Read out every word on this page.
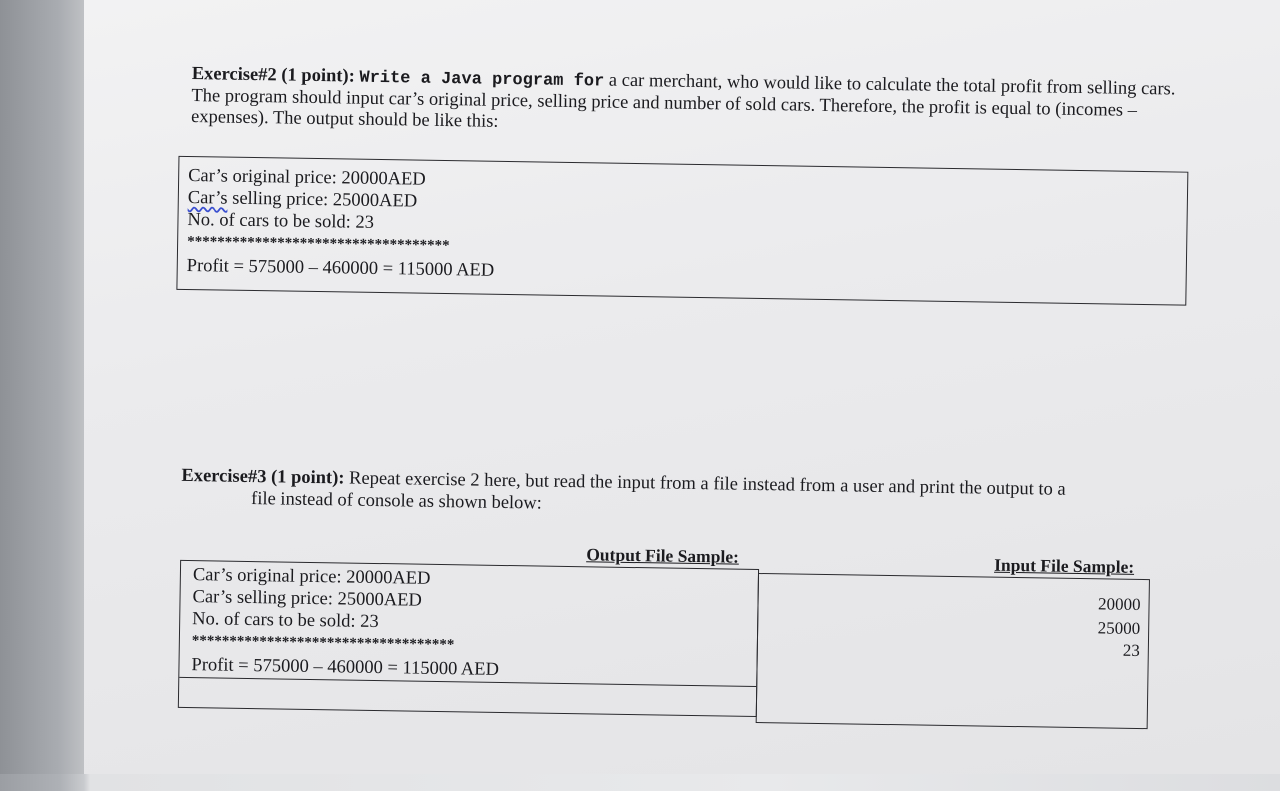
Exercise#2 (1 point): Write a Java program for a car merchant, who would like to calculate the total profit from selling cars. The program should input car’s original price, selling price and number of sold cars. Therefore, the profit is equal to (incomes – expenses). The output should be like this:
Car’s original price: 20000AED
Car’s selling price: 25000AED
No. of cars to be sold: 23
***********************************
Profit = 575000 – 460000 = 115000 AED
Exercise#3 (1 point): Repeat exercise 2 here, but read the input from a file instead from a user and print the output to a
file instead of console as shown below:
Output File Sample:	Input File Sample:
Car’s original price: 20000AED
Car’s selling price: 25000AED
No. of cars to be sold: 23
***********************************
Profit = 575000 – 460000 = 115000 AED
20000
25000
23
